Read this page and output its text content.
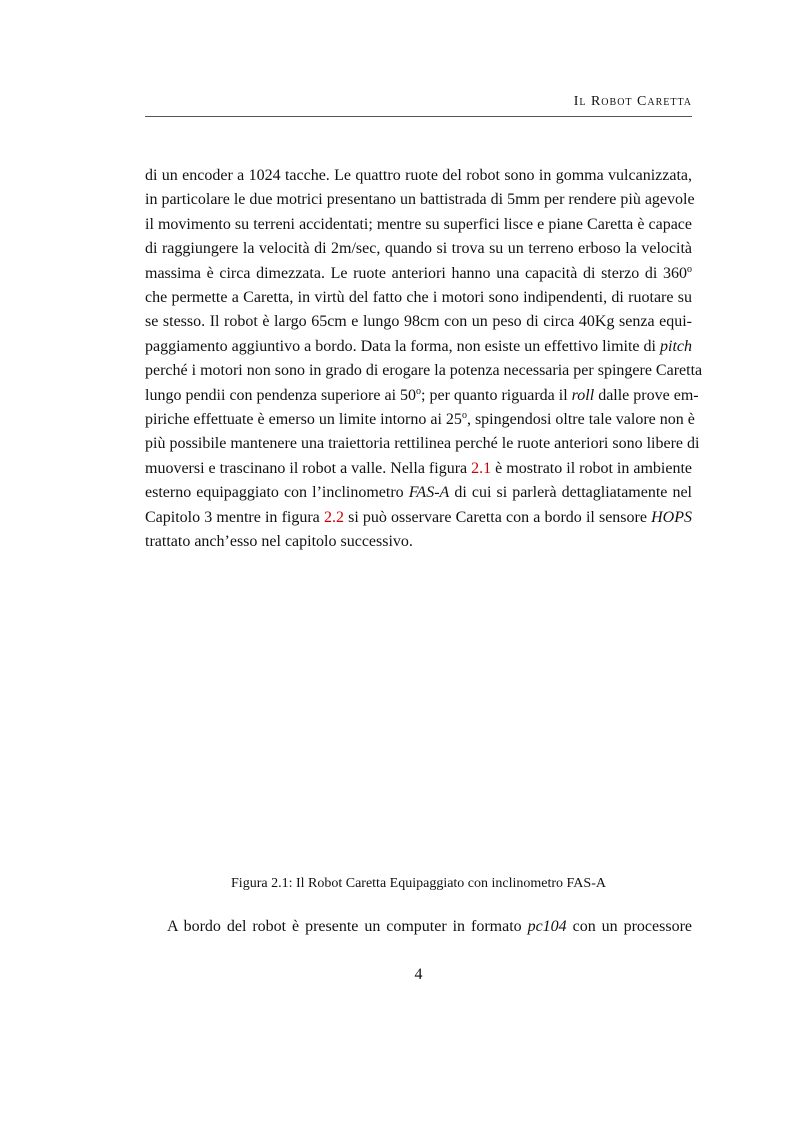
Il Robot Caretta
di un encoder a 1024 tacche. Le quattro ruote del robot sono in gomma vulcanizzata,
in particolare le due motrici presentano un battistrada di 5mm per rendere più agevole
il movimento su terreni accidentati; mentre su superfici lisce e piane Caretta è capace
di raggiungere la velocità di 2m/sec, quando si trova su un terreno erboso la velocità
massima è circa dimezzata. Le ruote anteriori hanno una capacità di sterzo di 360$^o$
che permette a Caretta, in virtù del fatto che i motori sono indipendenti, di ruotare su
se stesso. Il robot è largo 65cm e lungo 98cm con un peso di circa 40Kg senza equi-
paggiamento aggiuntivo a bordo. Data la forma, non esiste un effettivo limite di pitch
perché i motori non sono in grado di erogare la potenza necessaria per spingere Caretta
lungo pendii con pendenza superiore ai 50$^o$; per quanto riguarda il roll dalle prove em-
piriche effettuate è emerso un limite intorno ai 25$^o$, spingendosi oltre tale valore non è
più possibile mantenere una traiettoria rettilinea perché le ruote anteriori sono libere di
muoversi e trascinano il robot a valle. Nella figura 2.1 è mostrato il robot in ambiente
esterno equipaggiato con l’inclinometro FAS-A di cui si parlerà dettagliatamente nel
Capitolo 3 mentre in figura 2.2 si può osservare Caretta con a bordo il sensore HOPS
trattato anch’esso nel capitolo successivo.
Figura 2.1: Il Robot Caretta Equipaggiato con inclinometro FAS-A
A bordo del robot è presente un computer in formato pc104 con un processore
4
